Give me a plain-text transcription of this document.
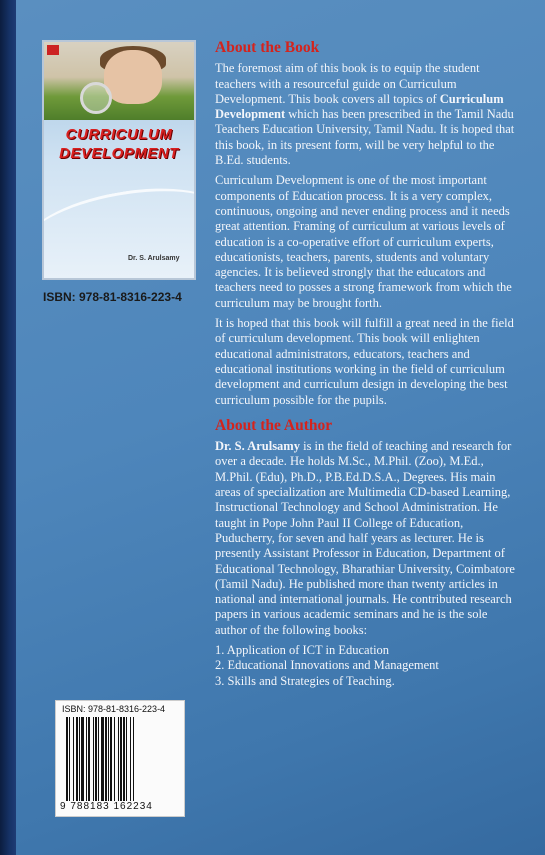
CURRICULUM
DEVELOPMENT
Dr. S. Arulsamy
ISBN: 978-81-8316-223-4
About the Book

The foremost aim of this book is to equip the student teachers with a resourceful guide on Curriculum Development. This book covers all topics of Curriculum Development which has been prescribed in the Tamil Nadu Teachers Education University, Tamil Nadu. It is hoped that this book, in its present form, will be very helpful to the B.Ed. students.

Curriculum Development is one of the most important components of Education process. It is a very complex, continuous, ongoing and never ending process and it needs great attention. Framing of curriculum at various levels of education is a co-operative effort of curriculum experts, educationists, teachers, parents, students and voluntary agencies. It is believed strongly that the educators and teachers need to posses a strong framework from which the curriculum may be brought forth.

It is hoped that this book will fulfill a great need in the field of curriculum development. This book will enlighten educational administrators, educators, teachers and educational institutions working in the field of curriculum development and curriculum design in developing the best curriculum possible for the pupils.

About the Author

Dr. S. Arulsamy is in the field of teaching and research for over a decade. He holds M.Sc., M.Phil. (Zoo), M.Ed., M.Phil. (Edu), Ph.D., P.B.Ed.D.S.A., Degrees. His main areas of specialization are Multimedia CD-based Learning, Instructional Technology and School Administration. He taught in Pope John Paul II College of Education, Puducherry, for seven and half years as lecturer. He is presently Assistant Professor in Education, Department of Educational Technology, Bharathiar University, Coimbatore (Tamil Nadu). He published more than twenty articles in national and international journals. He contributed research papers in various academic seminars and he is the sole author of the following books:

1. Application of ICT in Education
2. Educational Innovations and Management
3. Skills and Strategies of Teaching.
ISBN: 978-81-8316-223-4
9 788183 162234
